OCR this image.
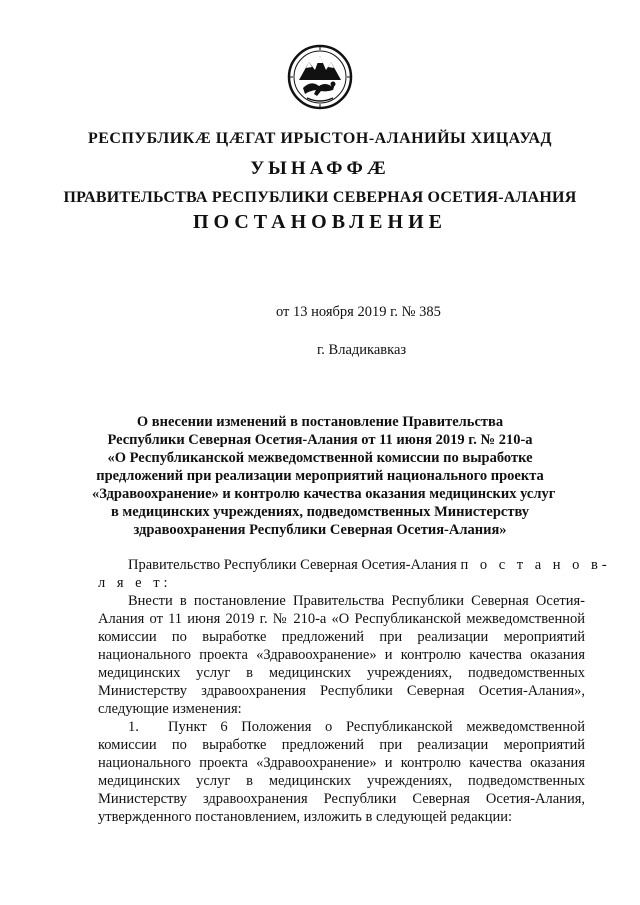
РЕСПУБЛИКӔ ЦӔГАТ ИРЫСТОН-АЛАНИЙЫ ХИЦАУАД
УЫНАФФӔ
ПРАВИТЕЛЬСТВА РЕСПУБЛИКИ СЕВЕРНАЯ ОСЕТИЯ-АЛАНИЯ
ПОСТАНОВЛЕНИЕ
от 13 ноября 2019 г. № 385
г. Владикавказ
О внесении изменений в постановление Правительства
Республики Северная Осетия-Алания от 11 июня 2019 г. № 210-а
«О Республиканской межведомственной комиссии по выработке
предложений при реализации мероприятий национального проекта
«Здравоохранение» и контролю качества оказания медицинских услуг
в медицинских учреждениях, подведомственных Министерству
здравоохранения Республики Северная Осетия-Алания»
Правительство Республики Северная Осетия-Алания п о с т а н о в-
л я е т:
Внести в постановление Правительства Республики Северная Осетия-
Алания от 11 июня 2019 г. № 210-а «О Республиканской межведомственной
комиссии по выработке предложений при реализации мероприятий
национального проекта «Здравоохранение» и контролю качества оказания
медицинских услуг в медицинских учреждениях, подведомственных
Министерству здравоохранения Республики Северная Осетия-Алания»,
следующие изменения:
1. Пункт 6 Положения о Республиканской межведомственной
комиссии по выработке предложений при реализации мероприятий
национального проекта «Здравоохранение» и контролю качества оказания
медицинских услуг в медицинских учреждениях, подведомственных
Министерству здравоохранения Республики Северная Осетия-Алания,
утвержденного постановлением, изложить в следующей редакции:
